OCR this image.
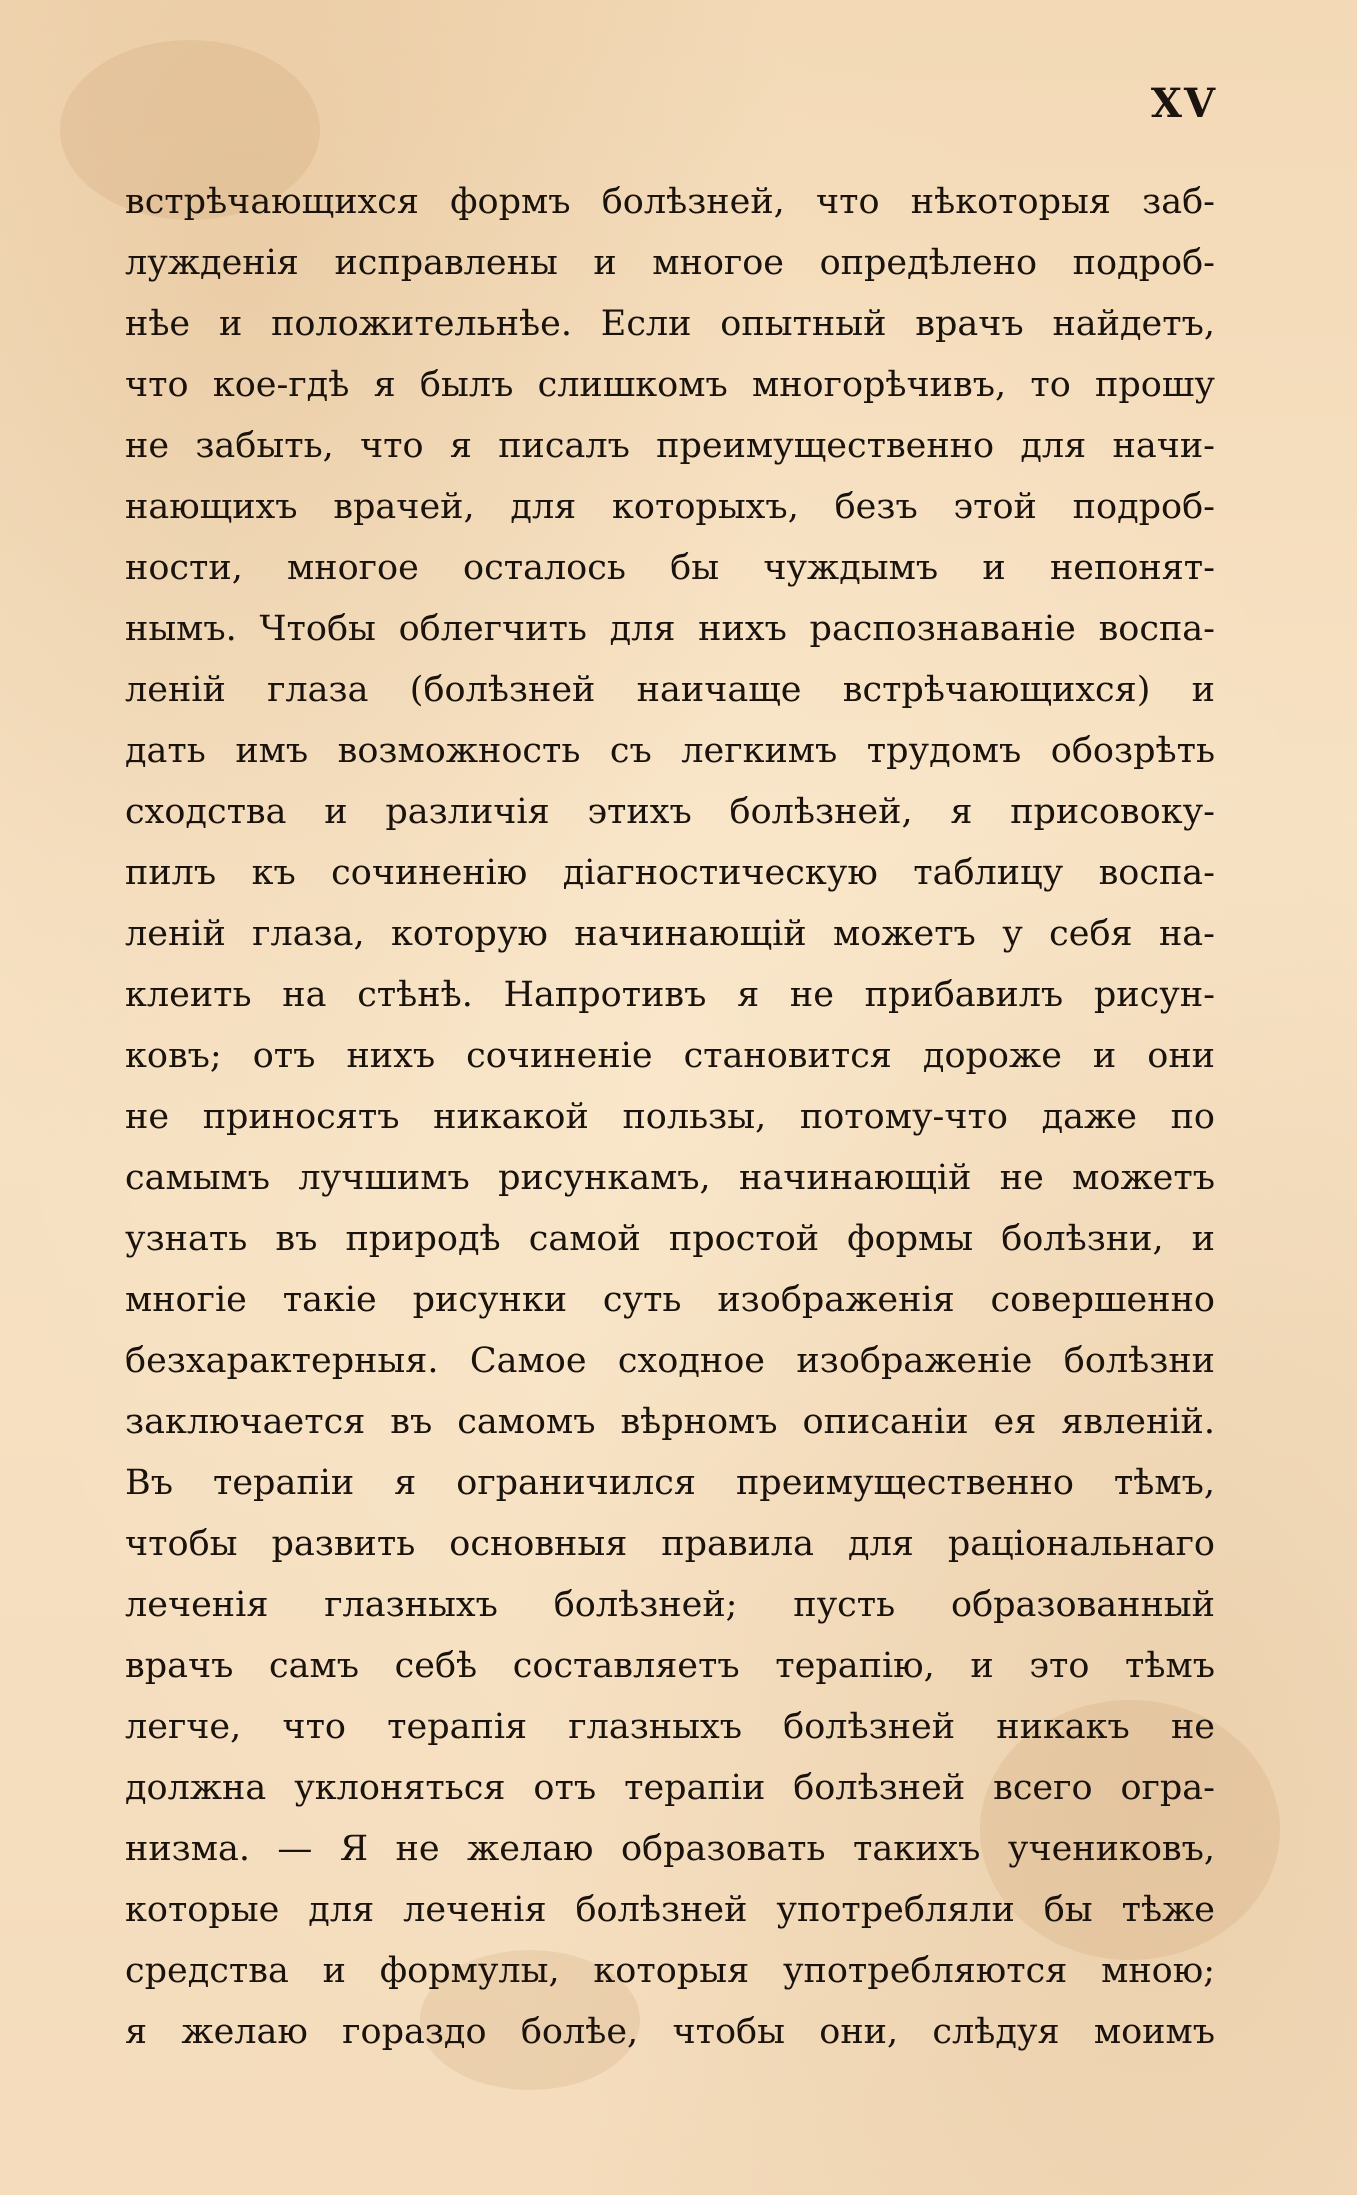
XV
встрѣчающихся формъ болѣзней, что нѣкоторыя заб-
лужденія исправлены и многое опредѣлено подроб-
нѣе и положительнѣе. Если опытный врачъ найдетъ,
что кое-гдѣ я былъ слишкомъ многорѣчивъ, то прошу
не забыть, что я писалъ преимущественно для начи-
нающихъ врачей, для которыхъ, безъ этой подроб-
ности, многое осталось бы чуждымъ и непонят-
нымъ. Чтобы облегчить для нихъ распознаваніе воспа-
леній глаза (болѣзней наичаще встрѣчающихся) и
дать имъ возможность съ легкимъ трудомъ обозрѣть
сходства и различія этихъ болѣзней, я присовоку-
пилъ къ сочиненію діагностическую таблицу воспа-
леній глаза, которую начинающій можетъ у себя на-
клеить на стѣнѣ. Напротивъ я не прибавилъ рисун-
ковъ; отъ нихъ сочиненіе становится дороже и они
не приносятъ никакой пользы, потому-что даже по
самымъ лучшимъ рисункамъ, начинающій не можетъ
узнать въ природѣ самой простой формы болѣзни, и
многіе такіе рисунки суть изображенія совершенно
безхарактерныя. Самое сходное изображеніе болѣзни
заключается въ самомъ вѣрномъ описаніи ея явленій.
Въ терапіи я ограничился преимущественно тѣмъ,
чтобы развить основныя правила для раціональнаго
леченія глазныхъ болѣзней; пусть образованный
врачъ самъ себѣ составляетъ терапію, и это тѣмъ
легче, что терапія глазныхъ болѣзней никакъ не
должна уклоняться отъ терапіи болѣзней всего огра-
низма. — Я не желаю образовать такихъ учениковъ,
которые для леченія болѣзней употребляли бы тѣже
средства и формулы, которыя употребляются мною;
я желаю гораздо болѣе, чтобы они, слѣдуя моимъ
